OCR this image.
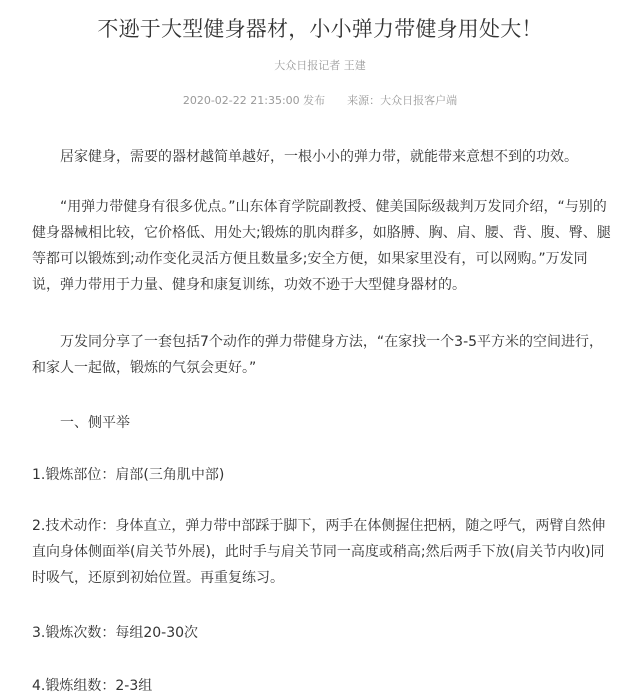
不逊于大型健身器材，小小弹力带健身用处大！
大众日报记者 王建
2020-02-22 21:35:00 发布 来源：大众日报客户端

居家健身，需要的器材越简单越好，一根小小的弹力带，就能带来意想不到的功效。

“用弹力带健身有很多优点。”山东体育学院副教授、健美国际级裁判万发同介绍，“与别的健身器械相比较，它价格低、用处大;锻炼的肌肉群多，如胳膊、胸、肩、腰、背、腹、臀、腿等都可以锻炼到;动作变化灵活方便且数量多;安全方便，如果家里没有，可以网购。”万发同说，弹力带用于力量、健身和康复训练，功效不逊于大型健身器材的。

万发同分享了一套包括7个动作的弹力带健身方法，“在家找一个3-5平方米的空间进行，和家人一起做，锻炼的气氛会更好。”

一、侧平举

1.锻炼部位：肩部(三角肌中部)

2.技术动作：身体直立，弹力带中部踩于脚下，两手在体侧握住把柄，随之呼气，两臂自然伸直向身体侧面举(肩关节外展)，此时手与肩关节同一高度或稍高;然后两手下放(肩关节内收)同时吸气，还原到初始位置。再重复练习。

3.锻炼次数：每组20-30次

4.锻炼组数：2-3组
